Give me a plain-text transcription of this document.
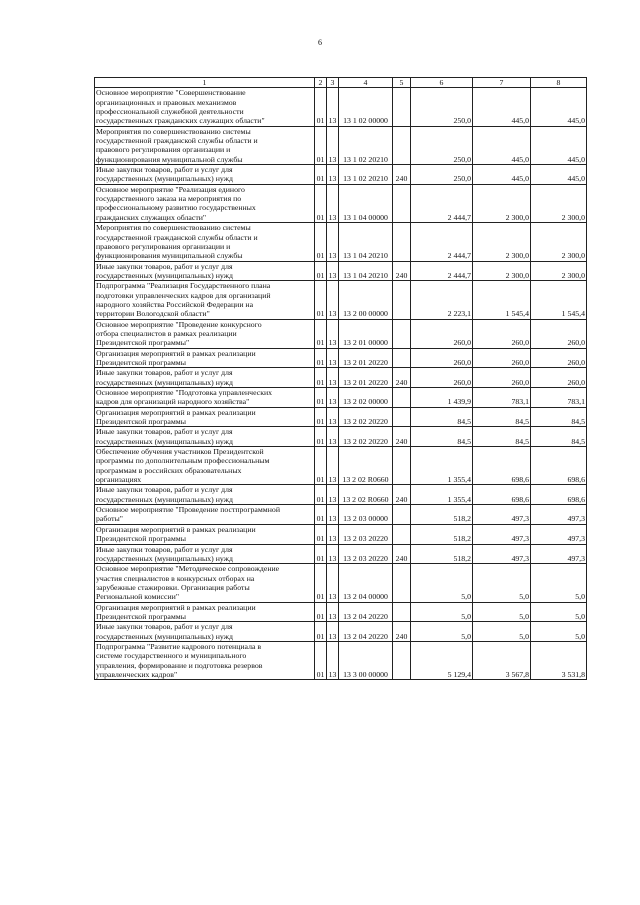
6
1	2	3	4	5	6	7	8
Основное мероприятие "Совершенствование
организационных и правовых механизмов
профессиональной служебной деятельности
государственных гражданских служащих области"	01	13	13 1 02 00000		250,0	445,0	445,0
Мероприятия по совершенствованию системы
государственной гражданской службы области и
правового регулирования организации и
функционирования муниципальной службы	01	13	13 1 02 20210		250,0	445,0	445,0
Иные закупки товаров, работ и услуг для
государственных (муниципальных) нужд	01	13	13 1 02 20210	240	250,0	445,0	445,0
Основное мероприятие "Реализация единого
государственного заказа на мероприятия по
профессиональному развитию государственных
гражданских служащих области"	01	13	13 1 04 00000		2 444,7	2 300,0	2 300,0
Мероприятия по совершенствованию системы
государственной гражданской службы области и
правового регулирования организации и
функционирования муниципальной службы	01	13	13 1 04 20210		2 444,7	2 300,0	2 300,0
Иные закупки товаров, работ и услуг для
государственных (муниципальных) нужд	01	13	13 1 04 20210	240	2 444,7	2 300,0	2 300,0
Подпрограмма "Реализация Государственного плана
подготовки управленческих кадров для организаций
народного хозяйства Российской Федерации на
территории Вологодской области"	01	13	13 2 00 00000		2 223,1	1 545,4	1 545,4
Основное мероприятие "Проведение конкурсного
отбора специалистов в рамках реализации
Президентской программы"	01	13	13 2 01 00000		260,0	260,0	260,0
Организация мероприятий в рамках реализации
Президентской программы	01	13	13 2 01 20220		260,0	260,0	260,0
Иные закупки товаров, работ и услуг для
государственных (муниципальных) нужд	01	13	13 2 01 20220	240	260,0	260,0	260,0
Основное мероприятие "Подготовка управленческих
кадров для организаций народного хозяйства"	01	13	13 2 02 00000		1 439,9	783,1	783,1
Организация мероприятий в рамках реализации
Президентской программы	01	13	13 2 02 20220		84,5	84,5	84,5
Иные закупки товаров, работ и услуг для
государственных (муниципальных) нужд	01	13	13 2 02 20220	240	84,5	84,5	84,5
Обеспечение обучения участников Президентской
программы по дополнительным профессиональным
программам в российских образовательных
организациях	01	13	13 2 02 R0660		1 355,4	698,6	698,6
Иные закупки товаров, работ и услуг для
государственных (муниципальных) нужд	01	13	13 2 02 R0660	240	1 355,4	698,6	698,6
Основное мероприятие "Проведение постпрограммной
работы"	01	13	13 2 03 00000		518,2	497,3	497,3
Организация мероприятий в рамках реализации
Президентской программы	01	13	13 2 03 20220		518,2	497,3	497,3
Иные закупки товаров, работ и услуг для
государственных (муниципальных) нужд	01	13	13 2 03 20220	240	518,2	497,3	497,3
Основное мероприятие "Методическое сопровождение
участия специалистов в конкурсных отборах на
зарубежные стажировки. Организация работы
Региональной комиссии"	01	13	13 2 04 00000		5,0	5,0	5,0
Организация мероприятий в рамках реализации
Президентской программы	01	13	13 2 04 20220		5,0	5,0	5,0
Иные закупки товаров, работ и услуг для
государственных (муниципальных) нужд	01	13	13 2 04 20220	240	5,0	5,0	5,0
Подпрограмма "Развитие кадрового потенциала в
системе государственного и муниципального
управления, формирование и подготовка резервов
управленческих кадров"	01	13	13 3 00 00000		5 129,4	3 567,8	3 531,8
